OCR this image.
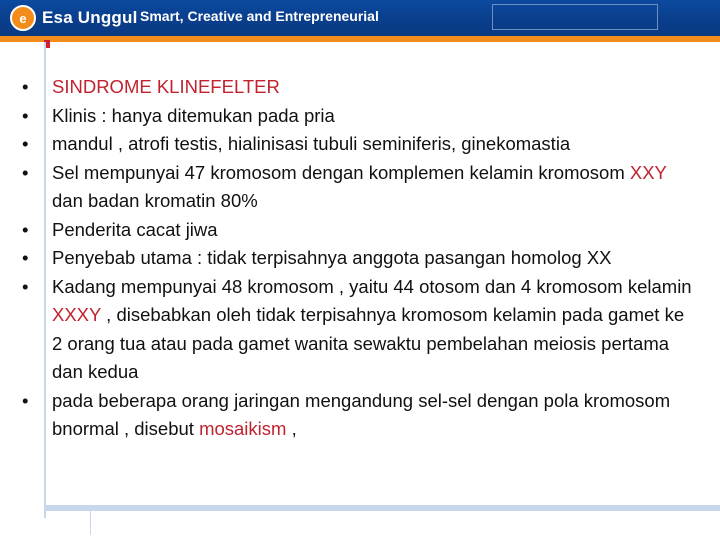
e Esa Unggul Smart, Creative and Entrepreneurial
•	SINDROME KLINEFELTER
•	Klinis : hanya ditemukan pada pria
•	mandul , atrofi testis, hialinisasi tubuli seminiferis, ginekomastia
•	Sel mempunyai 47 kromosom dengan komplemen kelamin kromosom XXY dan badan kromatin 80%
•	Penderita cacat jiwa
•	Penyebab utama : tidak terpisahnya anggota pasangan homolog XX
•	Kadang mempunyai 48 kromosom , yaitu 44 otosom dan 4 kromosom kelamin XXXY , disebabkan oleh tidak terpisahnya kromosom kelamin pada gamet ke 2 orang tua atau pada gamet wanita sewaktu pembelahan meiosis pertama dan kedua
•	pada beberapa orang jaringan mengandung sel-sel dengan pola kromosom bnormal , disebut mosaikism ,
